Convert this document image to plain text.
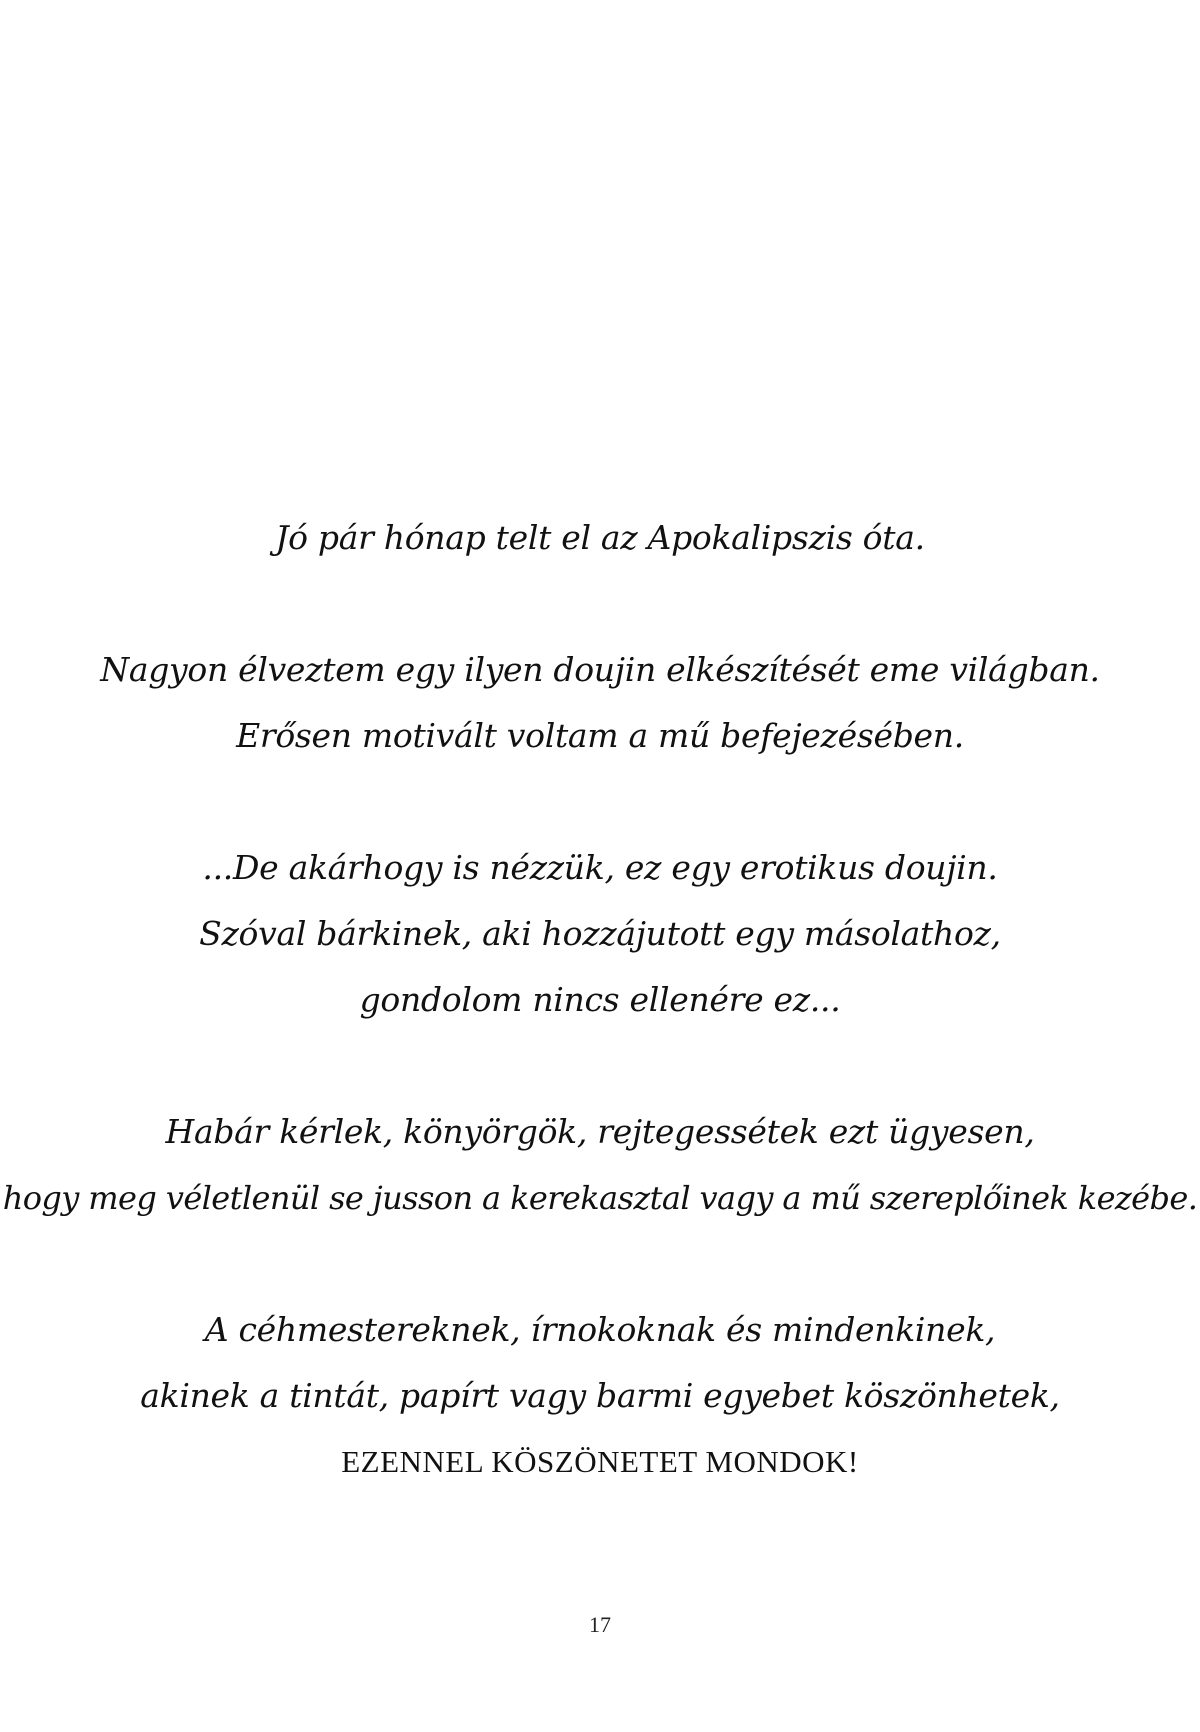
Jó pár hónap telt el az Apokalipszis óta.

Nagyon élveztem egy ilyen doujin elkészítését eme világban.
Erősen motivált voltam a mű befejezésében.

...De akárhogy is nézzük, ez egy erotikus doujin.
Szóval bárkinek, aki hozzájutott egy másolathoz,
gondolom nincs ellenére ez...

Habár kérlek, könyörgök, rejtegessétek ezt ügyesen,
hogy meg véletlenül se jusson a kerekasztal vagy a mű szereplőinek kezébe.

A céhmestereknek, írnokoknak és mindenkinek,
akinek a tintát, papírt vagy barmi egyebet köszönhetek,
EZENNEL KÖSZÖNETET MONDOK!

17
